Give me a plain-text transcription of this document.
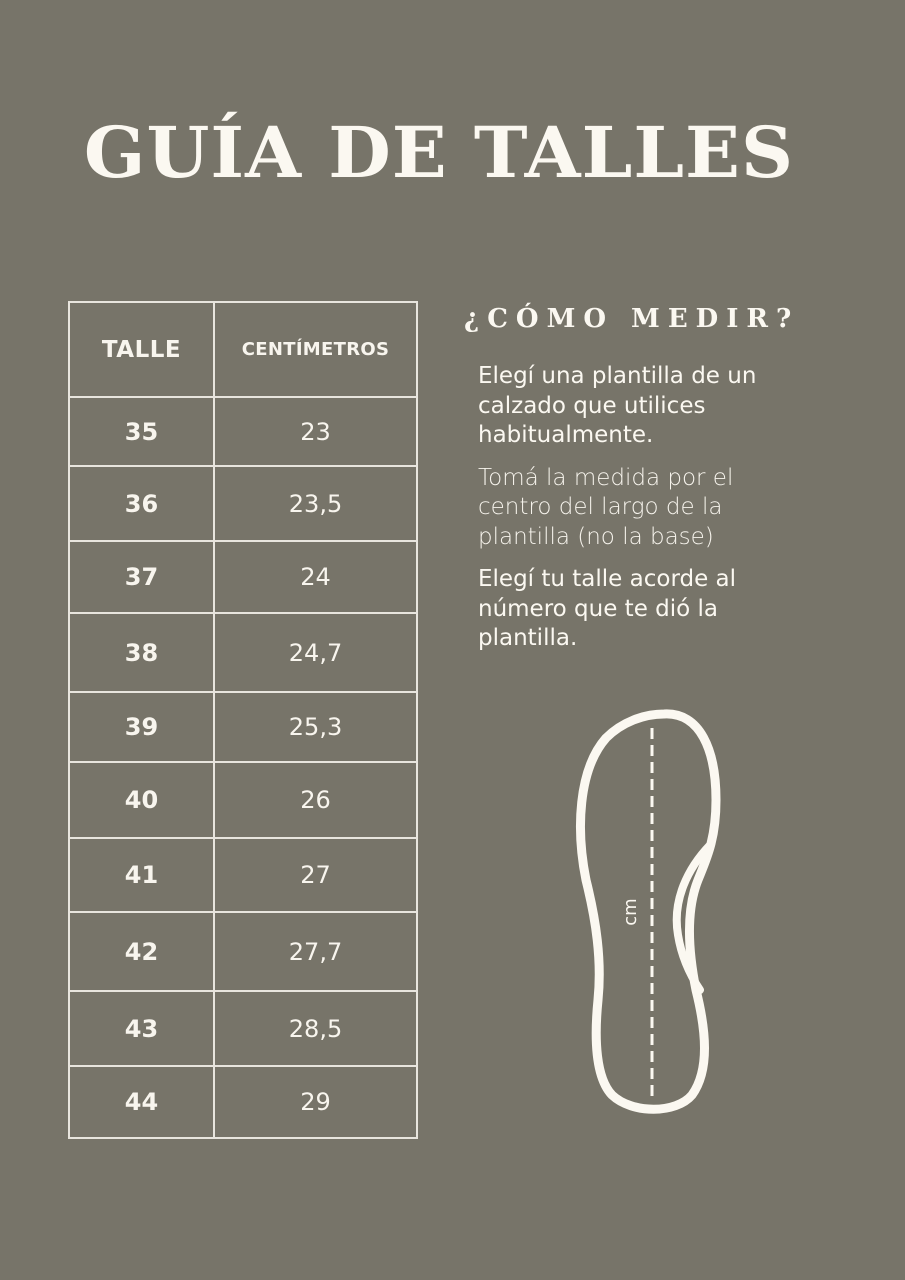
GUÍA DE TALLES
TALLE	CENTÍMETROS
35	23
36	23,5
37	24
38	24,7
39	25,3
40	26
41	27
42	27,7
43	28,5
44	29
¿CÓMO MEDIR?

Elegí una plantilla de un calzado que utilices habitualmente.

Tomá la medida por el centro del largo de la plantilla (no la base)

Elegí tu talle acorde al número que te dió la plantilla.

cm
